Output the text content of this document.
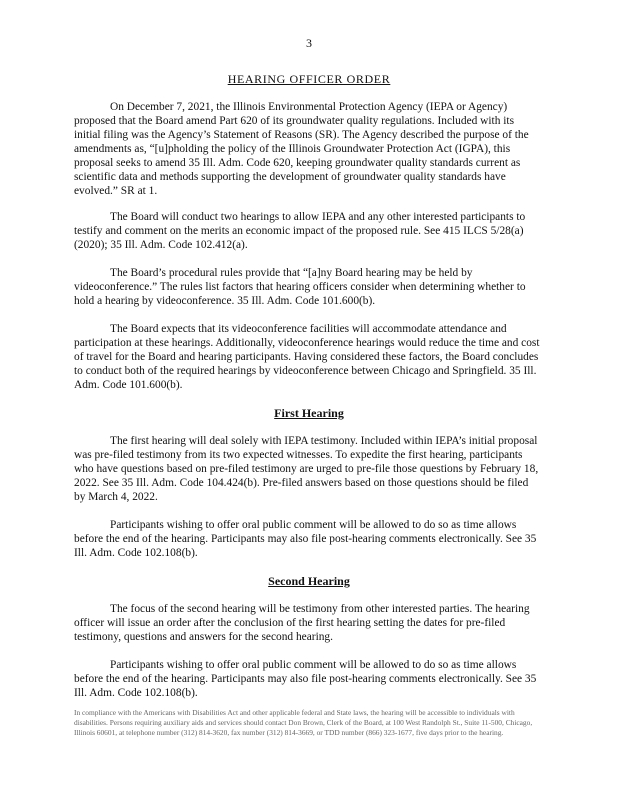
3
HEARING OFFICER ORDER

On December 7, 2021, the Illinois Environmental Protection Agency (IEPA or Agency) proposed that the Board amend Part 620 of its groundwater quality regulations. Included with its initial filing was the Agency’s Statement of Reasons (SR). The Agency described the purpose of the amendments as, “[u]pholding the policy of the Illinois Groundwater Protection Act (IGPA), this proposal seeks to amend 35 Ill. Adm. Code 620, keeping groundwater quality standards current as scientific data and methods supporting the development of groundwater quality standards have evolved.” SR at 1.

The Board will conduct two hearings to allow IEPA and any other interested participants to testify and comment on the merits an economic impact of the proposed rule. See 415 ILCS 5/28(a) (2020); 35 Ill. Adm. Code 102.412(a).

The Board’s procedural rules provide that “[a]ny Board hearing may be held by videoconference.” The rules list factors that hearing officers consider when determining whether to hold a hearing by videoconference. 35 Ill. Adm. Code 101.600(b).

The Board expects that its videoconference facilities will accommodate attendance and participation at these hearings. Additionally, videoconference hearings would reduce the time and cost of travel for the Board and hearing participants. Having considered these factors, the Board concludes to conduct both of the required hearings by videoconference between Chicago and Springfield. 35 Ill. Adm. Code 101.600(b).

First Hearing

The first hearing will deal solely with IEPA testimony. Included within IEPA’s initial proposal was pre-filed testimony from its two expected witnesses. To expedite the first hearing, participants who have questions based on pre-filed testimony are urged to pre-file those questions by February 18, 2022. See 35 Ill. Adm. Code 104.424(b). Pre-filed answers based on those questions should be filed by March 4, 2022.

Participants wishing to offer oral public comment will be allowed to do so as time allows before the end of the hearing. Participants may also file post-hearing comments electronically. See 35 Ill. Adm. Code 102.108(b).

Second Hearing

The focus of the second hearing will be testimony from other interested parties. The hearing officer will issue an order after the conclusion of the first hearing setting the dates for pre-filed testimony, questions and answers for the second hearing.

Participants wishing to offer oral public comment will be allowed to do so as time allows before the end of the hearing. Participants may also file post-hearing comments electronically. See 35 Ill. Adm. Code 102.108(b).

In compliance with the Americans with Disabilities Act and other applicable federal and State laws, the hearing will be accessible to individuals with disabilities. Persons requiring auxiliary aids and services should contact Don Brown, Clerk of the Board, at 100 West Randolph St., Suite 11-500, Chicago, Illinois 60601, at telephone number (312) 814-3620, fax number (312) 814-3669, or TDD number (866) 323-1677, five days prior to the hearing.
